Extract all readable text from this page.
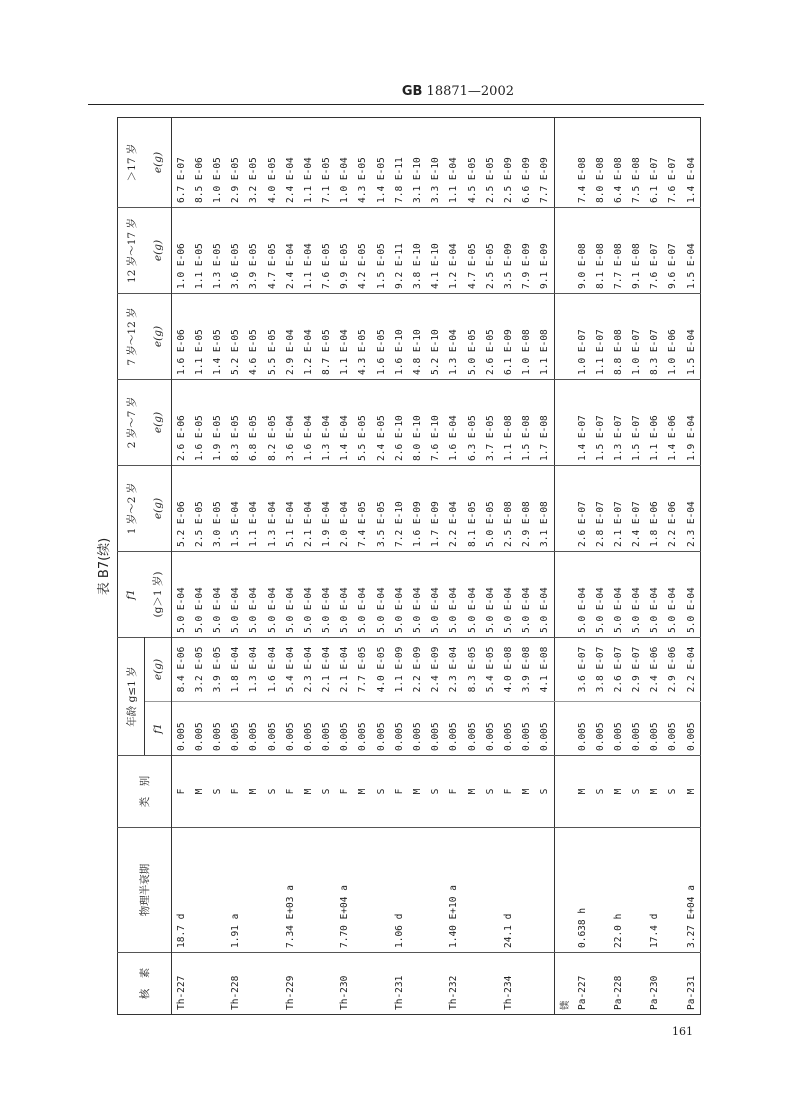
GB 18871—2002
表 B7(续)
核　素	物理半衰期	类　别	年龄 g≤1 岁		f1	1 岁～2 岁	2 岁～7 岁	7 岁～12 岁	12 岁～17 岁	＞17 岁
			f1	e(g)	(g＞1 岁)	e(g)	e(g)	e(g)	e(g)	e(g)
Th-227	18.7 d	F	0.005	8.4 E-06	5.0 E-04	5.2 E-06	2.6 E-06	1.6 E-06	1.0 E-06	6.7 E-07
		M	0.005	3.2 E-05	5.0 E-04	2.5 E-05	1.6 E-05	1.1 E-05	1.1 E-05	8.5 E-06
		S	0.005	3.9 E-05	5.0 E-04	3.0 E-05	1.9 E-05	1.4 E-05	1.3 E-05	1.0 E-05
Th-228	1.91 a	F	0.005	1.8 E-04	5.0 E-04	1.5 E-04	8.3 E-05	5.2 E-05	3.6 E-05	2.9 E-05
		M	0.005	1.3 E-04	5.0 E-04	1.1 E-04	6.8 E-05	4.6 E-05	3.9 E-05	3.2 E-05
		S	0.005	1.6 E-04	5.0 E-04	1.3 E-04	8.2 E-05	5.5 E-05	4.7 E-05	4.0 E-05
Th-229	7.34 E+03 a	F	0.005	5.4 E-04	5.0 E-04	5.1 E-04	3.6 E-04	2.9 E-04	2.4 E-04	2.4 E-04
		M	0.005	2.3 E-04	5.0 E-04	2.1 E-04	1.6 E-04	1.2 E-04	1.1 E-04	1.1 E-04
		S	0.005	2.1 E-04	5.0 E-04	1.9 E-04	1.3 E-04	8.7 E-05	7.6 E-05	7.1 E-05
Th-230	7.70 E+04 a	F	0.005	2.1 E-04	5.0 E-04	2.0 E-04	1.4 E-04	1.1 E-04	9.9 E-05	1.0 E-04
		M	0.005	7.7 E-05	5.0 E-04	7.4 E-05	5.5 E-05	4.3 E-05	4.2 E-05	4.3 E-05
		S	0.005	4.0 E-05	5.0 E-04	3.5 E-05	2.4 E-05	1.6 E-05	1.5 E-05	1.4 E-05
Th-231	1.06 d	F	0.005	1.1 E-09	5.0 E-04	7.2 E-10	2.6 E-10	1.6 E-10	9.2 E-11	7.8 E-11
		M	0.005	2.2 E-09	5.0 E-04	1.6 E-09	8.0 E-10	4.8 E-10	3.8 E-10	3.1 E-10
		S	0.005	2.4 E-09	5.0 E-04	1.7 E-09	7.6 E-10	5.2 E-10	4.1 E-10	3.3 E-10
Th-232	1.40 E+10 a	F	0.005	2.3 E-04	5.0 E-04	2.2 E-04	1.6 E-04	1.3 E-04	1.2 E-04	1.1 E-04
		M	0.005	8.3 E-05	5.0 E-04	8.1 E-05	6.3 E-05	5.0 E-05	4.7 E-05	4.5 E-05
		S	0.005	5.4 E-05	5.0 E-04	5.0 E-05	3.7 E-05	2.6 E-05	2.5 E-05	2.5 E-05
Th-234	24.1 d	F	0.005	4.0 E-08	5.0 E-04	2.5 E-08	1.1 E-08	6.1 E-09	3.5 E-09	2.5 E-09
		M	0.005	3.9 E-08	5.0 E-04	2.9 E-08	1.5 E-08	1.0 E-08	7.9 E-09	6.6 E-09
		S	0.005	4.1 E-08	5.0 E-04	3.1 E-08	1.7 E-08	1.1 E-08	9.1 E-09	7.7 E-09
镤										
Pa-227	0.638 h	M	0.005	3.6 E-07	5.0 E-04	2.6 E-07	1.4 E-07	1.0 E-07	9.0 E-08	7.4 E-08
		S	0.005	3.8 E-07	5.0 E-04	2.8 E-07	1.5 E-07	1.1 E-07	8.1 E-08	8.0 E-08
Pa-228	22.0 h	M	0.005	2.6 E-07	5.0 E-04	2.1 E-07	1.3 E-07	8.8 E-08	7.7 E-08	6.4 E-08
		S	0.005	2.9 E-07	5.0 E-04	2.4 E-07	1.5 E-07	1.0 E-07	9.1 E-08	7.5 E-08
Pa-230	17.4 d	M	0.005	2.4 E-06	5.0 E-04	1.8 E-06	1.1 E-06	8.3 E-07	7.6 E-07	6.1 E-07
		S	0.005	2.9 E-06	5.0 E-04	2.2 E-06	1.4 E-06	1.0 E-06	9.6 E-07	7.6 E-07
Pa-231	3.27 E+04 a	M	0.005	2.2 E-04	5.0 E-04	2.3 E-04	1.9 E-04	1.5 E-04	1.5 E-04	1.4 E-04
161
